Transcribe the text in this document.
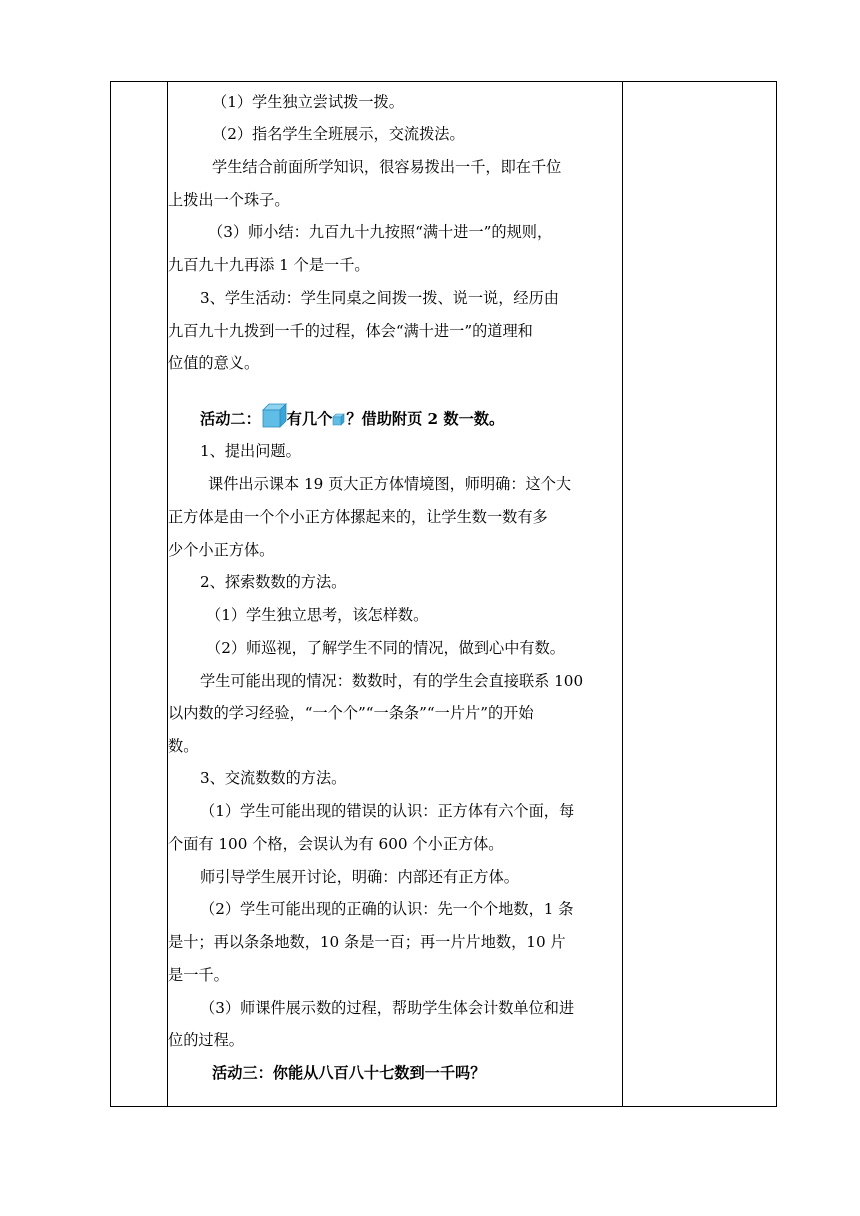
（1）学生独立尝试拨一拨。
（2）指名学生全班展示，交流拨法。
学生结合前面所学知识，很容易拨出一千，即在千位
上拨出一个珠子。
（3）师小结：九百九十九按照“满十进一”的规则，
九百九十九再添 1 个是一千。
3、学生活动：学生同桌之间拨一拨、说一说，经历由
九百九十九拨到一千的过程，体会“满十进一”的道理和
位值的意义。
活动二： 有几个 ？借助附页 2 数一数。
1、提出问题。
课件出示课本 19 页大正方体情境图，师明确：这个大
正方体是由一个个小正方体摞起来的，让学生数一数有多
少个小正方体。
2、探索数数的方法。
（1）学生独立思考，该怎样数。
（2）师巡视，了解学生不同的情况，做到心中有数。
学生可能出现的情况：数数时，有的学生会直接联系 100
以内数的学习经验，“一个个”“一条条”“一片片”的开始
数。
3、交流数数的方法。
（1）学生可能出现的错误的认识：正方体有六个面，每
个面有 100 个格，会误认为有 600 个小正方体。
师引导学生展开讨论，明确：内部还有正方体。
（2）学生可能出现的正确的认识：先一个个地数，1 条
是十；再以条条地数，10 条是一百；再一片片地数，10 片
是一千。
（3）师课件展示数的过程，帮助学生体会计数单位和进
位的过程。
活动三：你能从八百八十七数到一千吗？
